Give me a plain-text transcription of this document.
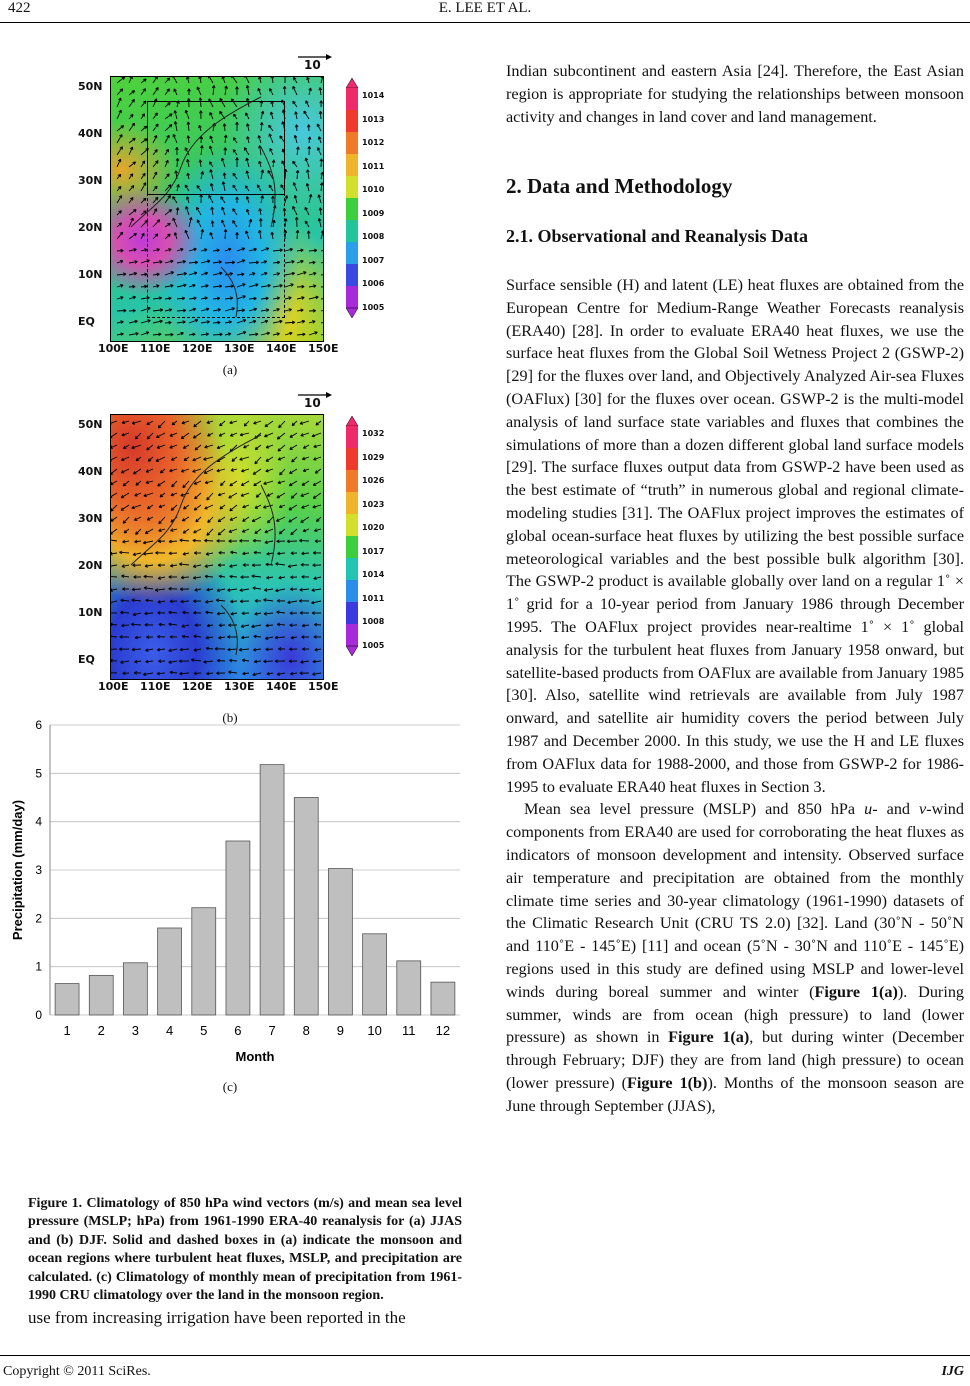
422	E. LEE ET AL.
Copyright © 2011 SciRes.	IJG
10
50N
40N
30N
20N
10N
EQ
100E 110E 120E 130E 140E 150E
1014
1013
1012
1011
1010
1009
1008
1007
1006
1005
(a)
10
50N
40N
30N
20N
10N
EQ
100E 110E 120E 130E 140E 150E
1032
1029
1026
1023
1020
1017
1014
1011
1008
1005
(b)
0
1
2
3
4
5
6
1 2 3 4 5 6 7 8 9 10 11 12
Month
Precipitation (mm/day)
(c)
Figure 1. Climatology of 850 hPa wind vectors (m/s) and mean sea level pressure (MSLP; hPa) from 1961-1990 ERA-40 reanalysis for (a) JJAS and (b) DJF. Solid and dashed boxes in (a) indicate the monsoon and ocean regions where turbulent heat fluxes, MSLP, and precipitation are calculated. (c) Climatology of monthly mean of precipitation from 1961-1990 CRU climatology over the land in the monsoon region.
use from increasing irrigation have been reported in the

Indian subcontinent and eastern Asia [24]. Therefore, the East Asian region is appropriate for studying the relationships between monsoon activity and changes in land cover and land management.

2. Data and Methodology
2.1. Observational and Reanalysis Data

Surface sensible (H) and latent (LE) heat fluxes are obtained from the European Centre for Medium-Range Weather Forecasts reanalysis (ERA40) [28]. In order to evaluate ERA40 heat fluxes, we use the surface heat fluxes from the Global Soil Wetness Project 2 (GSWP-2) [29] for the fluxes over land, and Objectively Analyzed Air-sea Fluxes (OAFlux) [30] for the fluxes over ocean. GSWP-2 is the multi-model analysis of land surface state variables and fluxes that combines the simulations of more than a dozen different global land surface models [29]. The surface fluxes output data from GSWP-2 have been used as the best estimate of “truth” in numerous global and regional climate-modeling studies [31]. The OAFlux project improves the estimates of global ocean-surface heat fluxes by utilizing the best possible surface meteorological variables and the best possible bulk algorithm [30]. The GSWP-2 product is available globally over land on a regular 1˚ × 1˚ grid for a 10-year period from January 1986 through December 1995. The OAFlux project provides near-realtime 1˚ × 1˚ global analysis for the turbulent heat fluxes from January 1958 onward, but satellite-based products from OAFlux are available from January 1985 [30]. Also, satellite wind retrievals are available from July 1987 onward, and satellite air humidity covers the period between July 1987 and December 2000. In this study, we use the H and LE fluxes from OAFlux data for 1988-2000, and those from GSWP-2 for 1986-1995 to evaluate ERA40 heat fluxes in Section 3.

Mean sea level pressure (MSLP) and 850 hPa u- and v-wind components from ERA40 are used for corroborating the heat fluxes as indicators of monsoon development and intensity. Observed surface air temperature and precipitation are obtained from the monthly climate time series and 30-year climatology (1961-1990) datasets of the Climatic Research Unit (CRU TS 2.0) [32]. Land (30˚N - 50˚N and 110˚E - 145˚E) [11] and ocean (5˚N - 30˚N and 110˚E - 145˚E) regions used in this study are defined using MSLP and lower-level winds during boreal summer and winter (Figure 1(a)). During summer, winds are from ocean (high pressure) to land (lower pressure) as shown in Figure 1(a), but during winter (December through February; DJF) they are from land (high pressure) to ocean (lower pressure) (Figure 1(b)). Months of the monsoon season are June through September (JJAS),
